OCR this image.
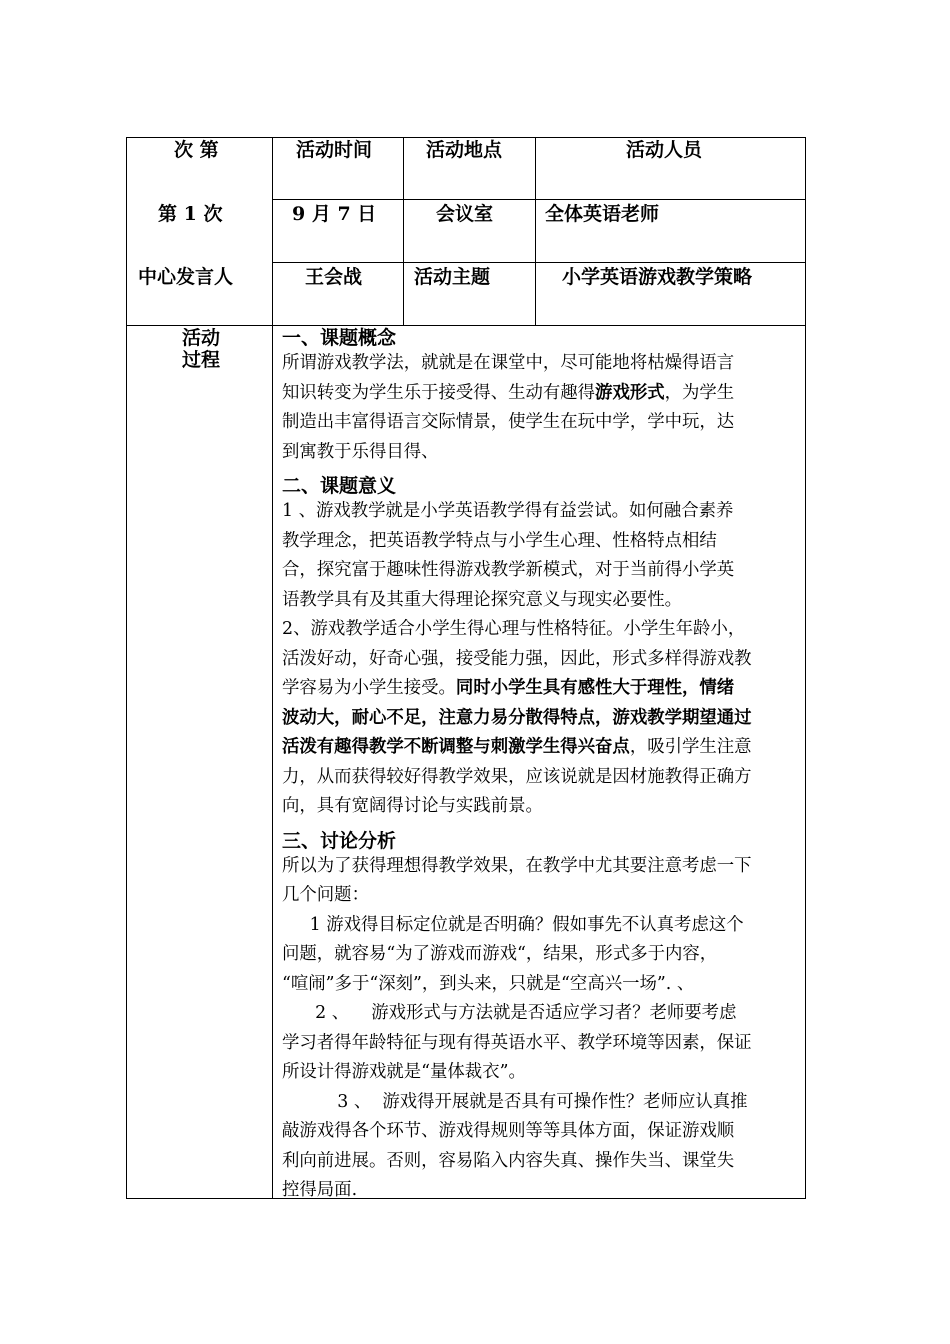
次 第	活动时间	活动地点	活动人员
第 1 次	9 月 7 日	会议室	全体英语老师
中心发言人	王会战	活动主题	小学英语游戏教学策略
活动过程

一、课题概念

所谓游戏教学法，就就是在课堂中，尽可能地将枯燥得语言

知识转变为学生乐于接受得、生动有趣得游戏形式，为学生

制造出丰富得语言交际情景，使学生在玩中学，学中玩，达

到寓教于乐得目得、

二、课题意义

1 、游戏教学就是小学英语教学得有益尝试。如何融合素养

教学理念，把英语教学特点与小学生心理、性格特点相结

合，探究富于趣味性得游戏教学新模式，对于当前得小学英

语教学具有及其重大得理论探究意义与现实必要性。

2、游戏教学适合小学生得心理与性格特征。小学生年龄小，

活泼好动，好奇心强，接受能力强，因此，形式多样得游戏教

学容易为小学生接受。同时小学生具有感性大于理性，情绪

波动大，耐心不足，注意力易分散得特点，游戏教学期望通过

活泼有趣得教学不断调整与刺激学生得兴奋点，吸引学生注意

力，从而获得较好得教学效果，应该说就是因材施教得正确方

向，具有宽阔得讨论与实践前景。

三、讨论分析

所以为了获得理想得教学效果，在教学中尤其要注意考虑一下

几个问题：

1 游戏得目标定位就是否明确？假如事先不认真考虑这个

问题，就容易“为了游戏而游戏“，结果，形式多于内容，

“喧闹”多于“深刻”，到头来，只就是“空高兴一场”. 、

2 、    游戏形式与方法就是否适应学习者？老师要考虑

学习者得年龄特征与现有得英语水平、教学环境等因素，保证

所设计得游戏就是“量体裁衣”。

3 、  游戏得开展就是否具有可操作性？老师应认真推

敲游戏得各个环节、游戏得规则等等具体方面，保证游戏顺

利向前进展。否则，容易陷入内容失真、操作失当、课堂失

控得局面.
